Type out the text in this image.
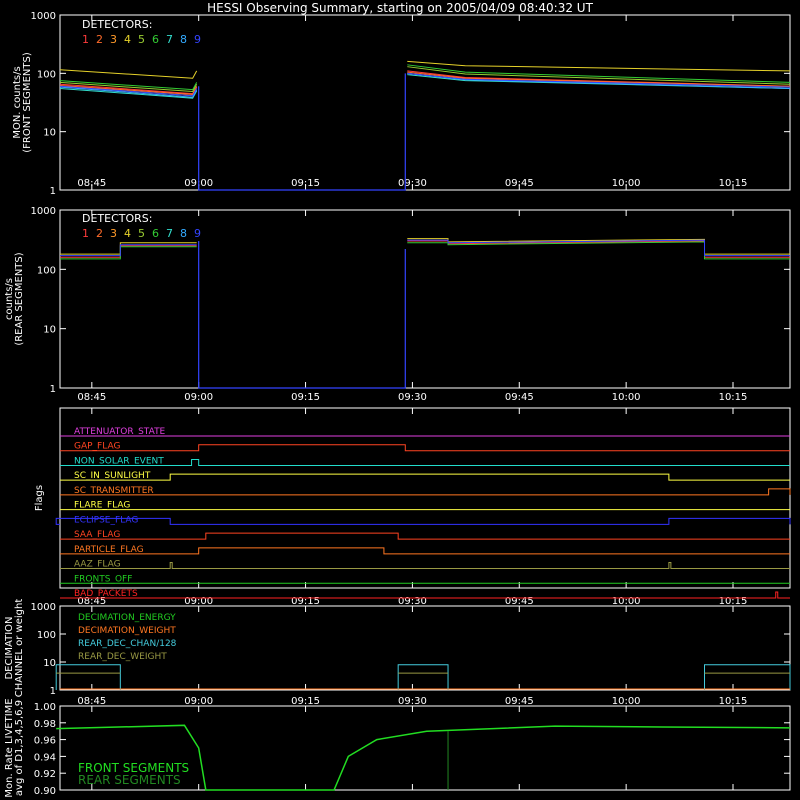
HESSI Observing Summary, starting on 2005/04/09 08:40:32 UT
1
10
100
1000
08:45	09:00	09:15	09:30	09:45	10:00	10:15
MON. counts/s (FRONT SEGMENTS)
DETECTORS:
1 2 3 4 5 6 7 8 9
1
10
100
1000
08:45	09:00	09:15	09:30	09:45	10:00	10:15
counts/s (REAR SEGMENTS)
DETECTORS:
1 2 3 4 5 6 7 8 9
08:45	09:00	09:15	09:30	09:45	10:00	10:15
Flags
ATTENUATOR_STATE
GAP_FLAG
NON_SOLAR_EVENT
SC_IN_SUNLIGHT
SC_TRANSMITTER
FLARE_FLAG
ECLIPSE_FLAG
SAA_FLAG
PARTICLE_FLAG
AAZ_FLAG
FRONTS_OFF
BAD_PACKETS
1
10
100
1000
08:45	09:00	09:15	09:30	09:45	10:00	10:15
DECIMATION CHANNEL or weight	DECIMATION_ENERGY
DECIMATION_WEIGHT
REAR_DEC_CHAN/128
REAR_DEC_WEIGHT
0.90
0.92
0.94
0.96
0.98
1.00
Mon. Rate LIVETIME avg of D1,3,4,5,6,9	FRONT SEGMENTS
REAR SEGMENTS
